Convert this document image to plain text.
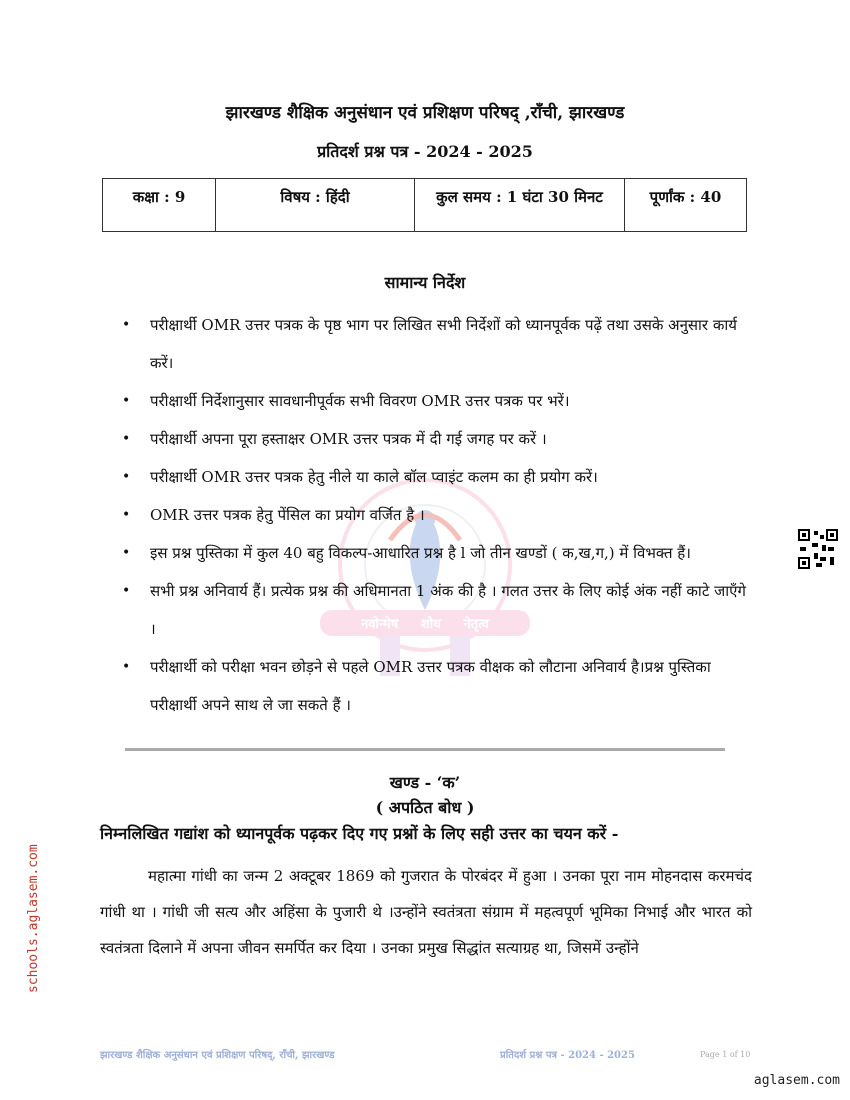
झारखण्ड शैक्षिक अनुसंधान एवं प्रशिक्षण परिषद् ,राँची, झारखण्ड
प्रतिदर्श प्रश्न पत्र - 2024 - 2025
कक्षा : 9	विषय : हिंदी	कुल समय : 1 घंटा 30 मिनट	पूर्णांक : 40
नवोन्मेष शोध नेतृत्व
सामान्य निर्देश
• परीक्षार्थी OMR उत्तर पत्रक के पृष्ठ भाग पर लिखित सभी निर्देशों को ध्यानपूर्वक पढ़ें तथा उसके अनुसार कार्य करें।
• परीक्षार्थी निर्देशानुसार सावधानीपूर्वक सभी विवरण OMR उत्तर पत्रक पर भरें।
• परीक्षार्थी अपना पूरा हस्ताक्षर OMR उत्तर पत्रक में दी गई जगह पर करें ।
• परीक्षार्थी OMR उत्तर पत्रक हेतु नीले या काले बॉल प्वाइंट कलम का ही प्रयोग करें।
• OMR उत्तर पत्रक हेतु पेंसिल का प्रयोग वर्जित है ।
• इस प्रश्न पुस्तिका में कुल 40 बहु विकल्प-आधारित प्रश्न है l जो तीन खण्डों ( क,ख,ग,) में विभक्त हैं।
• सभी प्रश्न अनिवार्य हैं। प्रत्येक प्रश्न की अधिमानता 1 अंक की है । गलत उत्तर के लिए कोई अंक नहीं काटे जाएँगे ।
• परीक्षार्थी को परीक्षा भवन छोड़ने से पहले OMR उत्तर पत्रक वीक्षक को लौटाना अनिवार्य है।प्रश्न पुस्तिका परीक्षार्थी अपने साथ ले जा सकते हैं ।
खण्ड - ‘क’
( अपठित बोध )
निम्नलिखित गद्यांश को ध्यानपूर्वक पढ़कर दिए गए प्रश्नों के लिए सही उत्तर का चयन करें -
महात्मा गांधी का जन्म 2 अक्टूबर 1869 को गुजरात के पोरबंदर में हुआ । उनका पूरा नाम मोहनदास करमचंद गांधी था । गांधी जी सत्य और अहिंसा के पुजारी थे ।उन्होंने स्वतंत्रता संग्राम में महत्वपूर्ण भूमिका निभाई और भारत को स्वतंत्रता दिलाने में अपना जीवन समर्पित कर दिया । उनका प्रमुख सिद्धांत सत्याग्रह था, जिसमें उन्होंने
झारखण्ड शैक्षिक अनुसंधान एवं प्रशिक्षण परिषद्, राँची, झारखण्ड	प्रतिदर्श प्रश्न पत्र - 2024 - 2025	Page 1 of 10
aglasem.com
schools.aglasem.com
